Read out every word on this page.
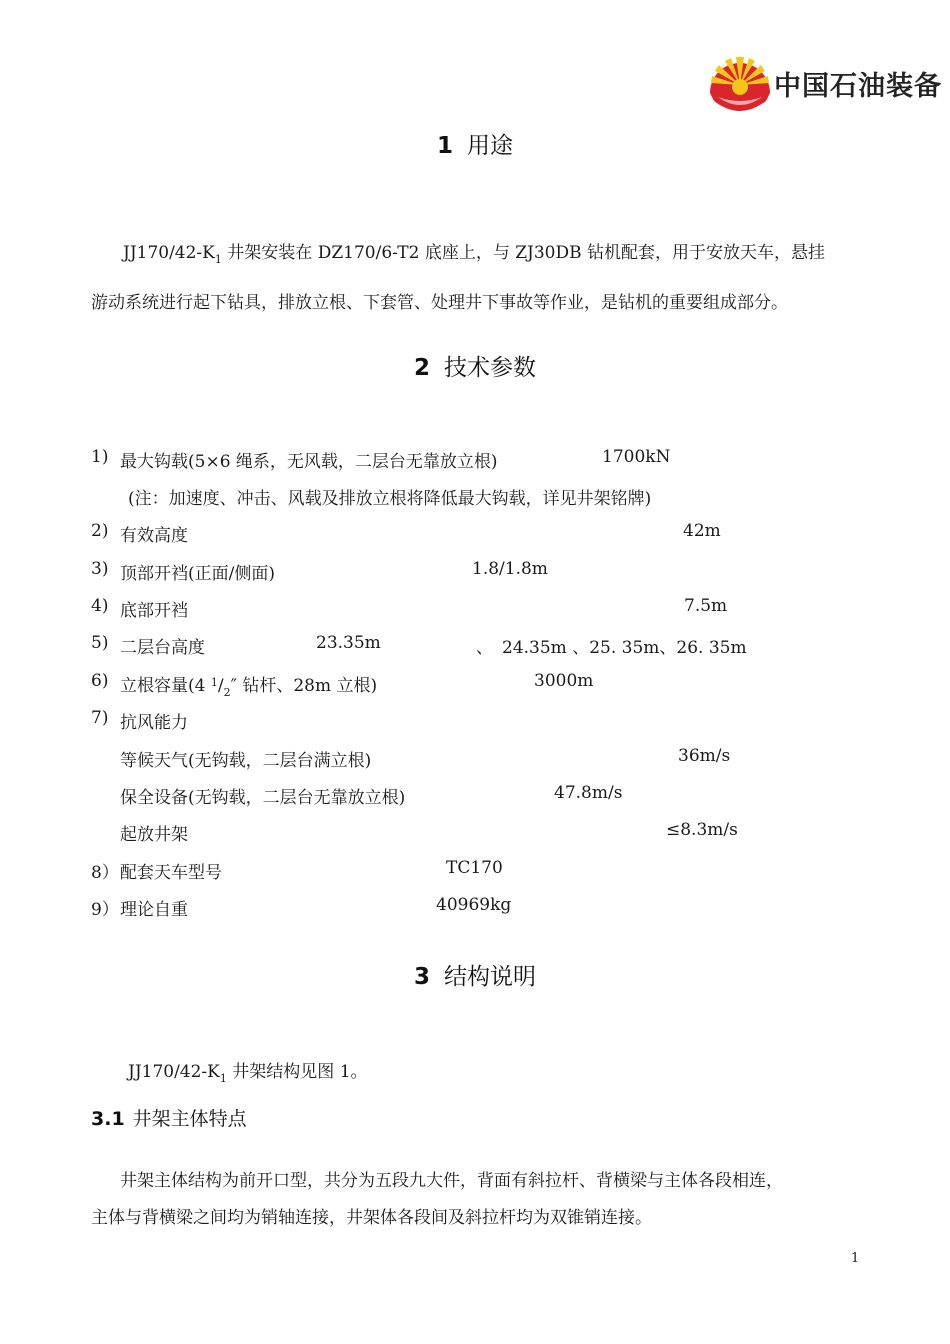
中国石油装备
1 用途
$JJ170/42-K_1$ 井架安装在 DZ170/6-T2 底座上，与 ZJ30DB 钻机配套，用于安放天车，悬挂
游动系统进行起下钻具，排放立根、下套管、处理井下事故等作业，是钻机的重要组成部分。
2 技术参数
1) 最大钩载(5×6 绳系，无风载，二层台无靠放立根)	1700kN
(注：加速度、冲击、风载及排放立根将降低最大钩载，详见井架铭牌)
2) 有效高度	42m
3) 顶部开裆(正面/侧面)	1.8/1.8m
4) 底部开裆	7.5m
5) 二层台高度	23.35m	、 24.35m 、25. 35m、26. 35m
6) 立根容量(4 $^1/_2''$ 钻杆、28m 立根)	3000m
7) 抗风能力
等候天气(无钩载，二层台满立根)	36m/s
保全设备(无钩载，二层台无靠放立根)	47.8m/s
起放井架	≤8.3m/s
8） 配套天车型号	TC170
9） 理论自重	40969kg
3 结构说明
$JJ170/42-K_1$ 井架结构见图 1。
3.1 井架主体特点
井架主体结构为前开口型，共分为五段九大件，背面有斜拉杆、背横梁与主体各段相连，
主体与背横梁之间均为销轴连接，井架体各段间及斜拉杆均为双锥销连接。
1
